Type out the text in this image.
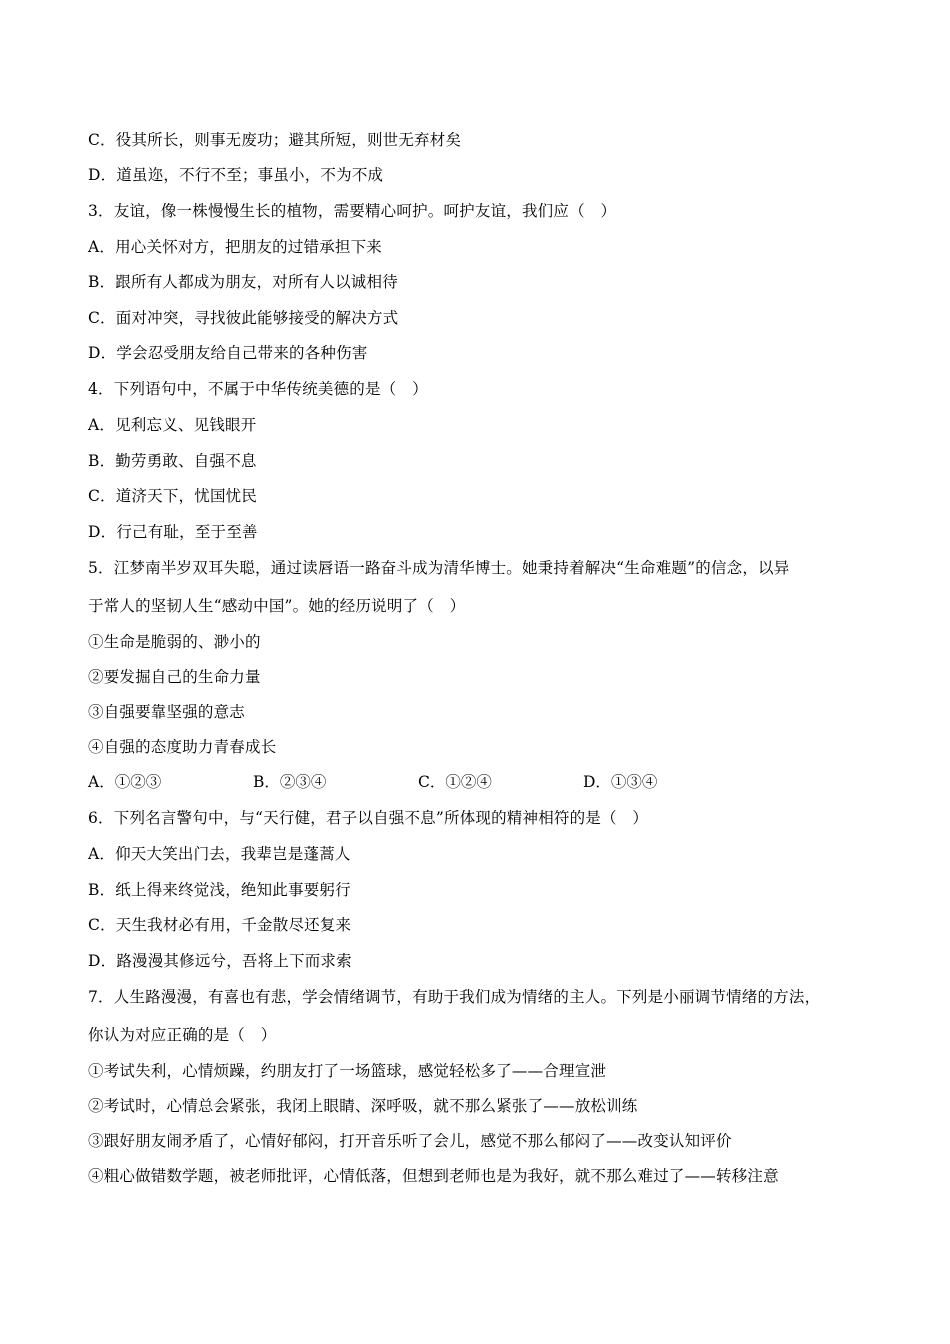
C．役其所长，则事无废功；避其所短，则世无弃材矣
D．道虽迩，不行不至；事虽小，不为不成
3．友谊，像一株慢慢生长的植物，需要精心呵护。呵护友谊，我们应（　）
A．用心关怀对方，把朋友的过错承担下来
B．跟所有人都成为朋友，对所有人以诚相待
C．面对冲突，寻找彼此能够接受的解决方式
D．学会忍受朋友给自己带来的各种伤害
4．下列语句中，不属于中华传统美德的是（　）
A．见利忘义、见钱眼开
B．勤劳勇敢、自强不息
C．道济天下，忧国忧民
D．行己有耻，至于至善
5．江梦南半岁双耳失聪，通过读唇语一路奋斗成为清华博士。她秉持着解决“生命难题”的信念，以异
于常人的坚韧人生“感动中国”。她的经历说明了（　）
①生命是脆弱的、渺小的
②要发掘自己的生命力量
③自强要靠坚强的意志
④自强的态度助力青春成长
A．①②③	B．②③④	C．①②④	D．①③④
6．下列名言警句中，与“天行健，君子以自强不息”所体现的精神相符的是（　）
A．仰天大笑出门去，我辈岂是蓬蒿人
B．纸上得来终觉浅，绝知此事要躬行
C．天生我材必有用，千金散尽还复来
D．路漫漫其修远兮，吾将上下而求索
7．人生路漫漫，有喜也有悲，学会情绪调节，有助于我们成为情绪的主人。下列是小丽调节情绪的方法，
你认为对应正确的是（　）
①考试失利，心情烦躁，约朋友打了一场篮球，感觉轻松多了——合理宣泄
②考试时，心情总会紧张，我闭上眼睛、深呼吸，就不那么紧张了——放松训练
③跟好朋友闹矛盾了，心情好郁闷，打开音乐听了会儿，感觉不那么郁闷了——改变认知评价
④粗心做错数学题，被老师批评，心情低落，但想到老师也是为我好，就不那么难过了——转移注意
